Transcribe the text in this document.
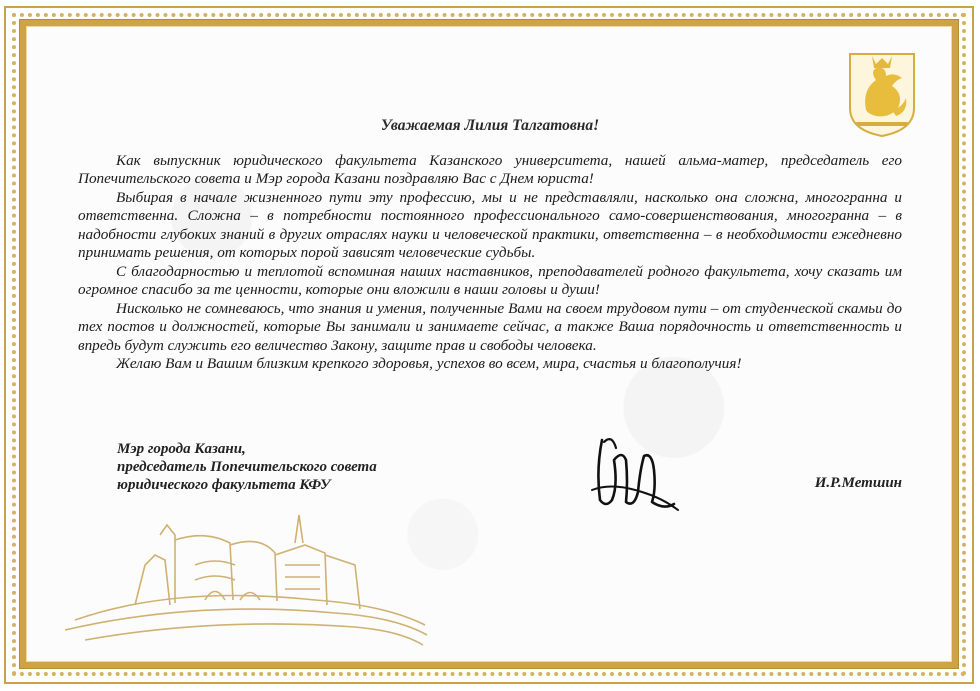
Уважаемая Лилия Талгатовна!

Как выпускник юридического факультета Казанского университета, нашей альма-матер, председатель его Попечительского совета и Мэр города Казани поздравляю Вас с Днем юриста!

Выбирая в начале жизненного пути эту профессию, мы и не представляли, насколько она сложна, многогранна и ответственна. Сложна – в потребности постоянного профессионального само-совершенствования, многогранна – в надобности глубоких знаний в других отраслях науки и человеческой практики, ответственна – в необходимости ежедневно принимать решения, от которых порой зависят человеческие судьбы.

С благодарностью и теплотой вспоминая наших наставников, преподавателей родного факультета, хочу сказать им огромное спасибо за те ценности, которые они вложили в наши головы и души!

Нисколько не сомневаюсь, что знания и умения, полученные Вами на своем трудовом пути – от студенческой скамьи до тех постов и должностей, которые Вы занимали и занимаете сейчас, а также Ваша порядочность и ответственность и впредь будут служить его величество Закону, защите прав и свободы человека.

Желаю Вам и Вашим близким крепкого здоровья, успехов во всем, мира, счастья и благополучия!

Мэр города Казани,
председатель Попечительского совета
юридического факультета КФУ	И.Р.Метшин
